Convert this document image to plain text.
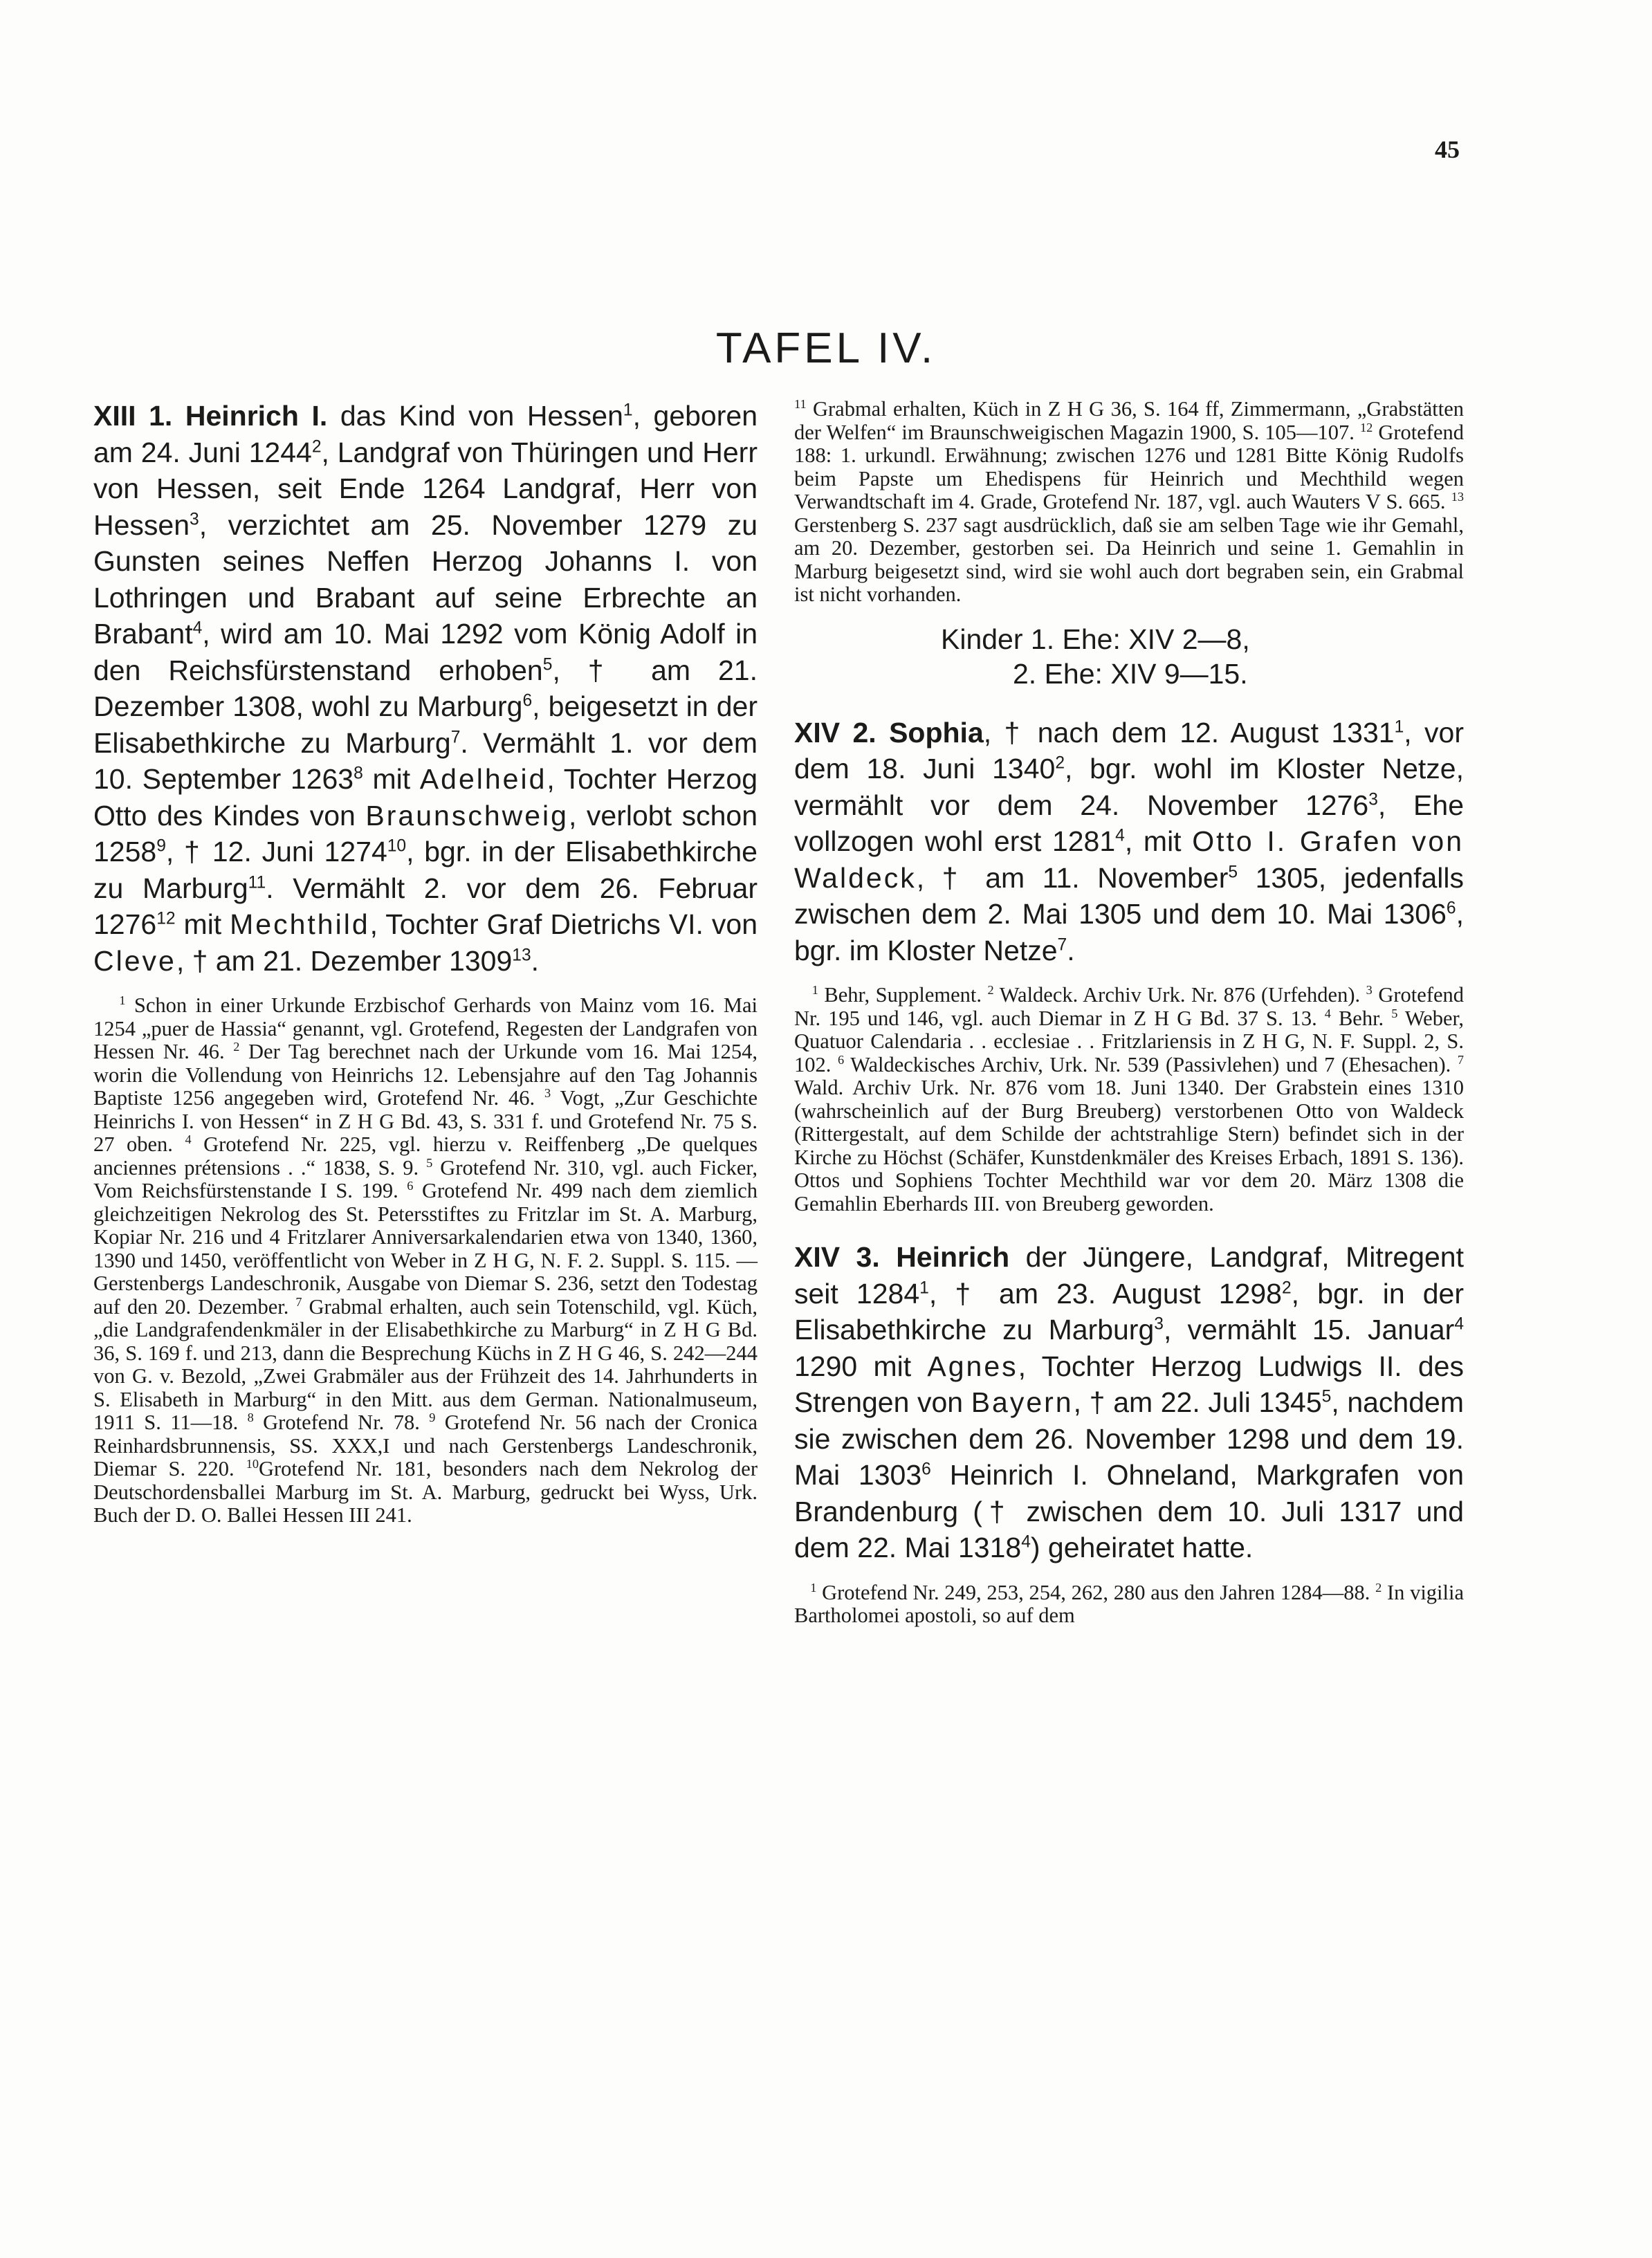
45
TAFEL IV.

XIII 1. Heinrich I. das Kind von Hessen$^1$, geboren am 24. Juni 1244$^2$, Landgraf von Thüringen und Herr von Hessen, seit Ende 1264 Landgraf, Herr von Hessen$^3$, verzichtet am 25. November 1279 zu Gunsten seines Neffen Herzog Johanns I. von Lothringen und Brabant auf seine Erbrechte an Brabant$^4$, wird am 10. Mai 1292 vom König Adolf in den Reichsfürstenstand erhoben$^5$, † am 21. Dezember 1308, wohl zu Marburg$^6$, beigesetzt in der Elisabethkirche zu Marburg$^7$. Vermählt 1. vor dem 10. September 1263$^8$ mit Adelheid, Tochter Herzog Otto des Kindes von Braunschweig, verlobt schon 1258$^9$, † 12. Juni 1274$^{10}$, bgr. in der Elisabethkirche zu Marburg$^{11}$. Vermählt 2. vor dem 26. Februar 1276$^{12}$ mit Mechthild, Tochter Graf Dietrichs VI. von Cleve, † am 21. Dezember 1309$^{13}$.

$^1$ Schon in einer Urkunde Erzbischof Gerhards von Mainz vom 16. Mai 1254 „puer de Hassia“ genannt, vgl. Grotefend, Regesten der Landgrafen von Hessen Nr. 46. $^2$ Der Tag berechnet nach der Urkunde vom 16. Mai 1254, worin die Vollendung von Heinrichs 12. Lebensjahre auf den Tag Johannis Baptiste 1256 angegeben wird, Grotefend Nr. 46. $^3$ Vogt, „Zur Geschichte Heinrichs I. von Hessen“ in Z H G Bd. 43, S. 331 f. und Grotefend Nr. 75 S. 27 oben. $^4$ Grotefend Nr. 225, vgl. hierzu v. Reiffenberg „De quelques anciennes prétensions . .“ 1838, S. 9. $^5$ Grotefend Nr. 310, vgl. auch Ficker, Vom Reichsfürstenstande I S. 199. $^6$ Grotefend Nr. 499 nach dem ziemlich gleichzeitigen Nekrolog des St. Petersstiftes zu Fritzlar im St. A. Marburg, Kopiar Nr. 216 und 4 Fritzlarer Anniversarkalendarien etwa von 1340, 1360, 1390 und 1450, veröffentlicht von Weber in Z H G, N. F. 2. Suppl. S. 115. — Gerstenbergs Landeschronik, Ausgabe von Diemar S. 236, setzt den Todestag auf den 20. Dezember. $^7$ Grabmal erhalten, auch sein Totenschild, vgl. Küch, „die Landgrafendenkmäler in der Elisabethkirche zu Marburg“ in Z H G Bd. 36, S. 169 f. und 213, dann die Besprechung Küchs in Z H G 46, S. 242—244 von G. v. Bezold, „Zwei Grabmäler aus der Frühzeit des 14. Jahrhunderts in S. Elisabeth in Marburg“ in den Mitt. aus dem German. Nationalmuseum, 1911 S. 11—18. $^8$ Grotefend Nr. 78. $^9$ Grotefend Nr. 56 nach der Cronica Reinhardsbrunnensis, SS. XXX,I und nach Gerstenbergs Landeschronik, Diemar S. 220. $^{10}$Grotefend Nr. 181, besonders nach dem Nekrolog der Deutschordensballei Marburg im St. A. Marburg, gedruckt bei Wyss, Urk. Buch der D. O. Ballei Hessen III 241.

$^{11}$ Grabmal erhalten, Küch in Z H G 36, S. 164 ff, Zimmermann, „Grabstätten der Welfen“ im Braunschweigischen Magazin 1900, S. 105—107. $^{12}$ Grotefend 188: 1. urkundl. Erwähnung; zwischen 1276 und 1281 Bitte König Rudolfs beim Papste um Ehedispens für Heinrich und Mechthild wegen Verwandtschaft im 4. Grade, Grotefend Nr. 187, vgl. auch Wauters V S. 665. $^{13}$ Gerstenberg S. 237 sagt ausdrücklich, daß sie am selben Tage wie ihr Gemahl, am 20. Dezember, gestorben sei. Da Heinrich und seine 1. Gemahlin in Marburg beigesetzt sind, wird sie wohl auch dort begraben sein, ein Grabmal ist nicht vorhanden.

Kinder 1. Ehe:
XIV 2—8,
2. Ehe:
XIV 9—15.

XIV 2. Sophia, † nach dem 12. August 1331$^1$, vor dem 18. Juni 1340$^2$, bgr. wohl im Kloster Netze, vermählt vor dem 24. November 1276$^3$, Ehe vollzogen wohl erst 1281$^4$, mit Otto I. Grafen von Waldeck, † am 11. November$^5$ 1305, jedenfalls zwischen dem 2. Mai 1305 und dem 10. Mai 1306$^6$, bgr. im Kloster Netze$^7$.

$^1$ Behr, Supplement. $^2$ Waldeck. Archiv Urk. Nr. 876 (Urfehden). $^3$ Grotefend Nr. 195 und 146, vgl. auch Diemar in Z H G Bd. 37 S. 13. $^4$ Behr. $^5$ Weber, Quatuor Calendaria . . ecclesiae . . Fritzlariensis in Z H G, N. F. Suppl. 2, S. 102. $^6$ Waldeckisches Archiv, Urk. Nr. 539 (Passivlehen) und 7 (Ehesachen). $^7$ Wald. Archiv Urk. Nr. 876 vom 18. Juni 1340. Der Grabstein eines 1310 (wahrscheinlich auf der Burg Breuberg) verstorbenen Otto von Waldeck (Rittergestalt, auf dem Schilde der achtstrahlige Stern) befindet sich in der Kirche zu Höchst (Schäfer, Kunstdenkmäler des Kreises Erbach, 1891 S. 136). Ottos und Sophiens Tochter Mechthild war vor dem 20. März 1308 die Gemahlin Eberhards III. von Breuberg geworden.

XIV 3. Heinrich der Jüngere, Landgraf, Mitregent seit 1284$^1$, † am 23. August 1298$^2$, bgr. in der Elisabethkirche zu Marburg$^3$, vermählt 15. Januar$^4$ 1290 mit Agnes, Tochter Herzog Ludwigs II. des Strengen von Bayern, † am 22. Juli 1345$^5$, nachdem sie zwischen dem 26. November 1298 und dem 19. Mai 1303$^6$ Heinrich I. Ohneland, Markgrafen von Brandenburg († zwischen dem 10. Juli 1317 und dem 22. Mai 1318$^4$) geheiratet hatte.

$^1$ Grotefend Nr. 249, 253, 254, 262, 280 aus den Jahren 1284—88. $^2$ In vigilia Bartholomei apostoli, so auf dem
